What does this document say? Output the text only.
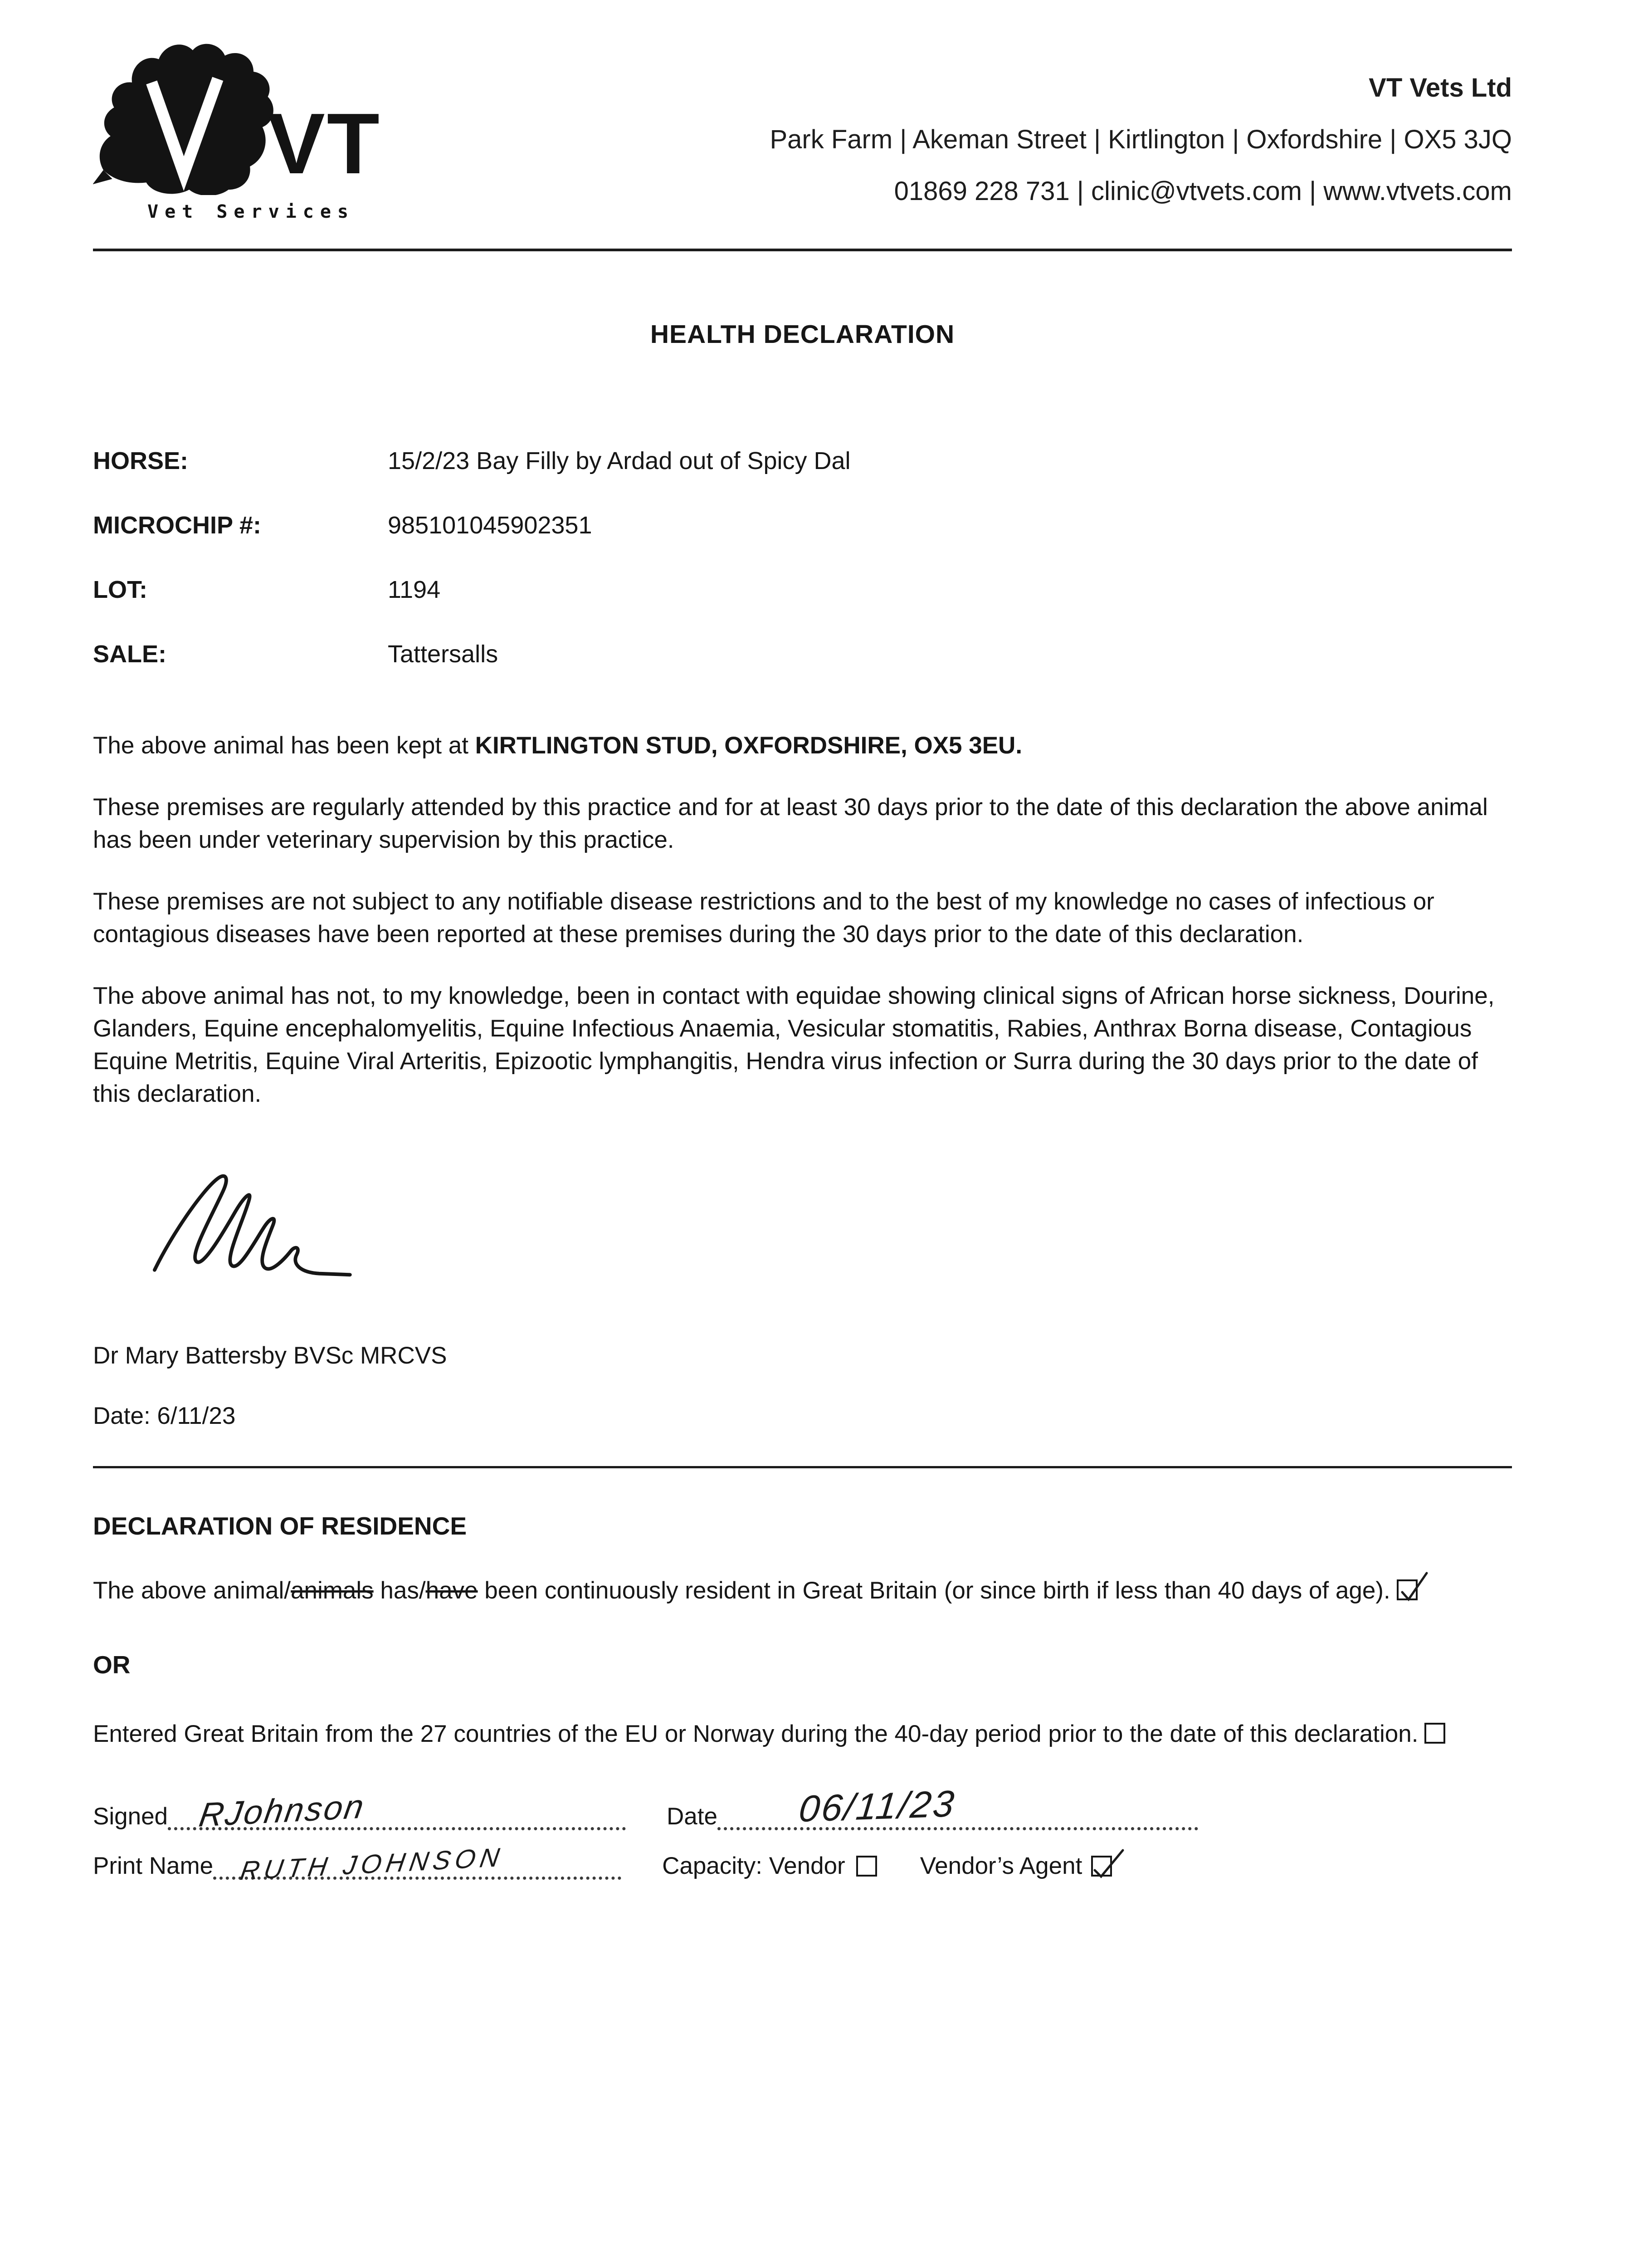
VT
Vet Services
VT Vets Ltd
Park Farm | Akeman Street | Kirtlington | Oxfordshire | OX5 3JQ
01869 228 731 | clinic@vtvets.com | www.vtvets.com
HEALTH DECLARATION
HORSE:	15/2/23 Bay Filly by Ardad out of Spicy Dal
MICROCHIP #:	985101045902351
LOT:	1194
SALE:	Tattersalls

The above animal has been kept at KIRTLINGTON STUD, OXFORDSHIRE, OX5 3EU.

These premises are regularly attended by this practice and for at least 30 days prior to the date of this declaration the above animal has been under veterinary supervision by this practice.

These premises are not subject to any notifiable disease restrictions and to the best of my knowledge no cases of infectious or contagious diseases have been reported at these premises during the 30 days prior to the date of this declaration.

The above animal has not, to my knowledge, been in contact with equidae showing clinical signs of African horse sickness, Dourine, Glanders, Equine encephalomyelitis, Equine Infectious Anaemia, Vesicular stomatitis, Rabies, Anthrax Borna disease, Contagious Equine Metritis, Equine Viral Arteritis, Epizootic lymphangitis, Hendra virus infection or Surra during the 30 days prior to the date of this declaration.

Dr Mary Battersby BVSc MRCVS

Date: 6/11/23

DECLARATION OF RESIDENCE

The above animal/animals has/have been continuously resident in Great Britain (or since birth if less than 40 days of age).

OR

Entered Great Britain from the 27 countries of the EU or Norway during the 40-day period prior to the date of this declaration.

Signed RJohnson	Date 06/11/23
Print Name RUTH JOHNSON	Capacity: Vendor	Vendor’s Agent
